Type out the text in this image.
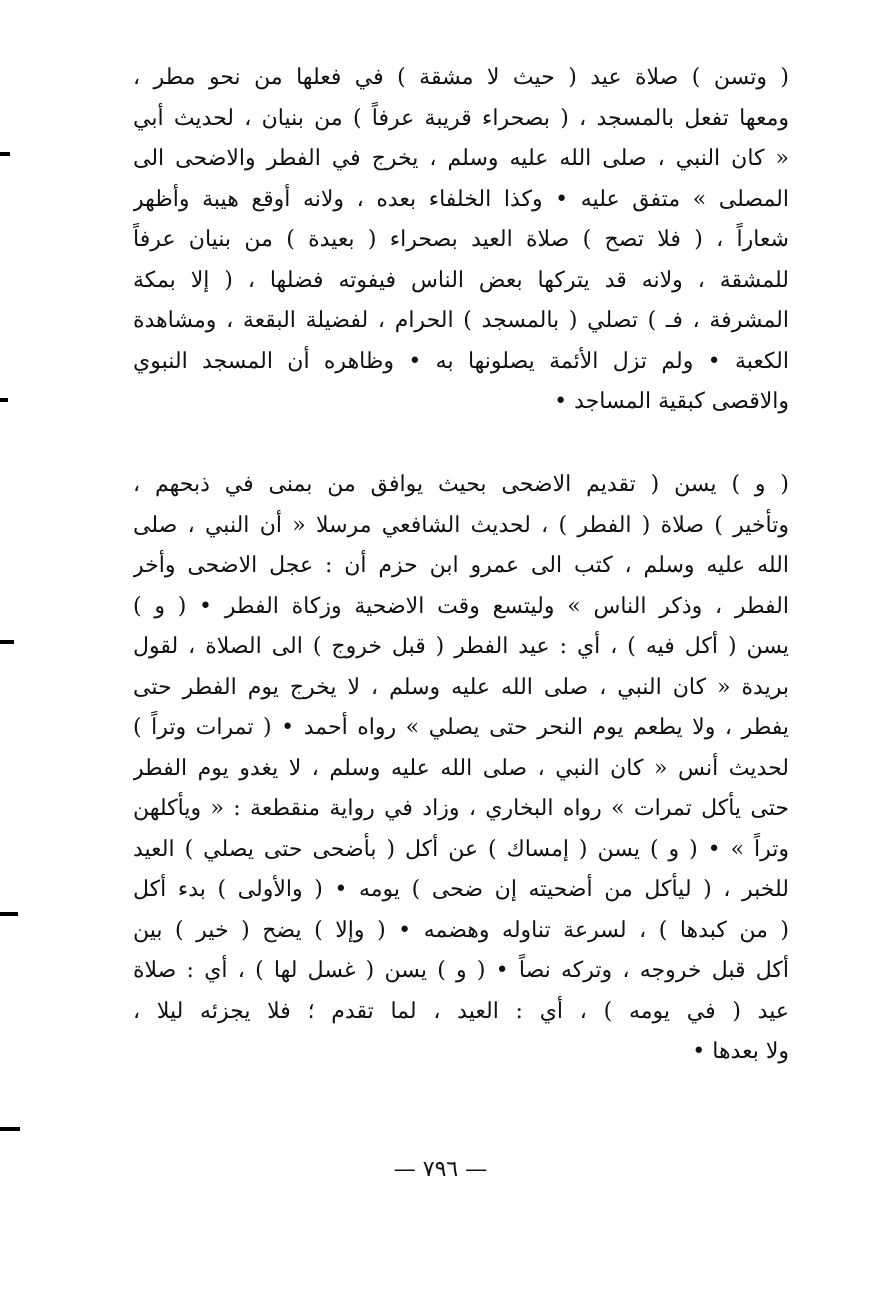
( وتسن ) صلاة عيد ( حيث لا مشقة ) في فعلها من نحو مطر ،
ومعها تفعل بالمسجد ، ( بصحراء قريبة عرفاً ) من بنيان ، لحديث أبي
« كان النبي ، صلى الله عليه وسلم ، يخرج في الفطر والاضحى الى
المصلى » متفق عليه • وكذا الخلفاء بعده ، ولانه أوقع هيبة وأظهر
شعاراً ، ( فلا تصح ) صلاة العيد بصحراء ( بعيدة ) من بنيان عرفاً
للمشقة ، ولانه قد يتركها بعض الناس فيفوته فضلها ، ( إلا بمكة
المشرفة ، فـ ) تصلي ( بالمسجد ) الحرام ، لفضيلة البقعة ، ومشاهدة
الكعبة • ولم تزل الأئمة يصلونها به • وظاهره أن المسجد النبوي
والاقصى كبقية المساجد •
( و ) يسن ( تقديم الاضحى بحيث يوافق من بمنى في ذبحهم ،
وتأخير ) صلاة ( الفطر ) ، لحديث الشافعي مرسلا « أن النبي ، صلى
الله عليه وسلم ، كتب الى عمرو ابن حزم أن : عجل الاضحى وأخر
الفطر ، وذكر الناس » وليتسع وقت الاضحية وزكاة الفطر • ( و )
يسن ( أكل فيه ) ، أي : عيد الفطر ( قبل خروج ) الى الصلاة ، لقول
بريدة « كان النبي ، صلى الله عليه وسلم ، لا يخرج يوم الفطر حتى
يفطر ، ولا يطعم يوم النحر حتى يصلي » رواه أحمد • ( تمرات وتراً )
لحديث أنس « كان النبي ، صلى الله عليه وسلم ، لا يغدو يوم الفطر
حتى يأكل تمرات » رواه البخاري ، وزاد في رواية منقطعة : « ويأكلهن
وتراً » • ( و ) يسن ( إمساك ) عن أكل ( بأضحى حتى يصلي ) العيد
للخبر ، ( ليأكل من أضحيته إن ضحى ) يومه • ( والأولى ) بدء أكل
( من كبدها ) ، لسرعة تناوله وهضمه • ( وإلا ) يضح ( خير ) بين
أكل قبل خروجه ، وتركه نصاً • ( و ) يسن ( غسل لها ) ، أي : صلاة
عيد ( في يومه ) ، أي : العيد ، لما تقدم ؛ فلا يجزئه ليلا ،
ولا بعدها •
— ٧٩٦ —
